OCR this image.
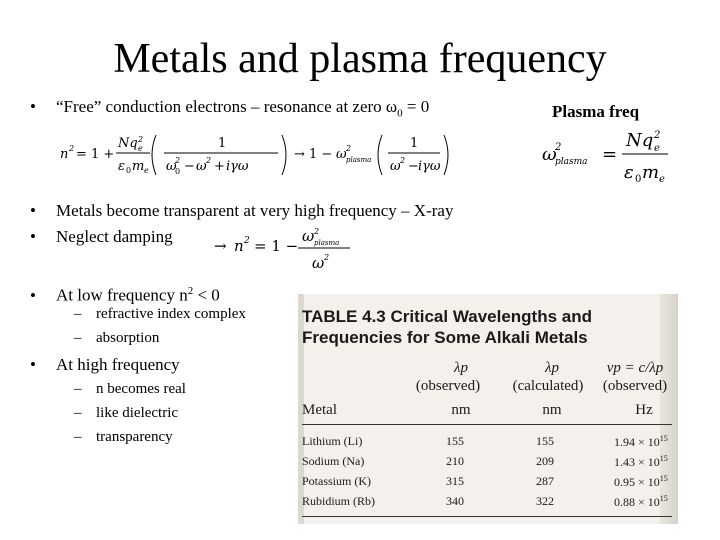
Metals and plasma frequency
• “Free” conduction electrons – resonance at zero $\omega_0 = 0$	Plasma freq
n 2 = 1 +
Nq 2
e
ε 0 m e
1
ω
2
0 − ω 2 + iγω
→ 1 − ω 2
plasma
1
ω 2 − iγω
ω
2
plasma =
Nq 2
e
ε 0 m e
• Metals become transparent at very high frequency – X-ray
• Neglect damping	→ n 2 = 1 −
ω 2
plasma
ω 2
• At low frequency $n^2 < 0$
– refractive index complex
– absorption
• At high frequency
– n becomes real
– like dielectric
– transparency
TABLE 4.3 Critical Wavelengths and
Frequencies for Some Alkali Metals
λp	λp	νp = c/λp
(observed)	(calculated)	(observed)
Metal	nm	nm	Hz
Lithium (Li)	155	155	$1.94 \times 10^{15}$
Sodium (Na)	210	209	$1.43 \times 10^{15}$
Potassium (K)	315	287	$0.95 \times 10^{15}$
Rubidium (Rb)	340	322	$0.88 \times 10^{15}$
